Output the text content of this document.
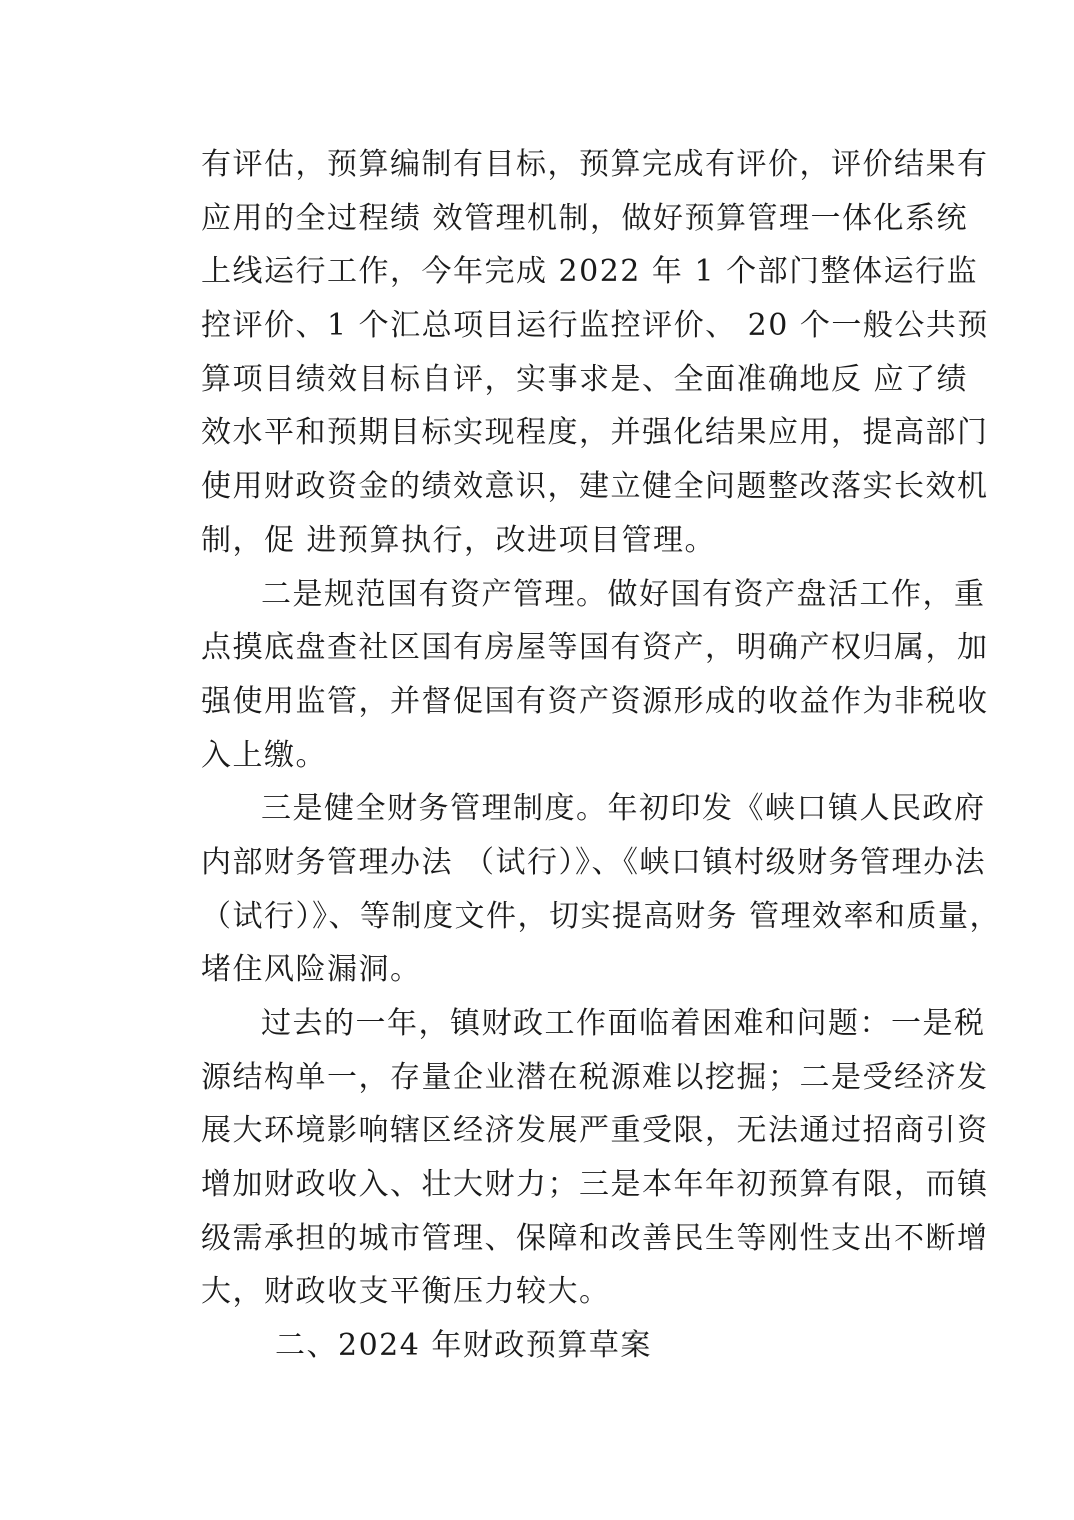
有评估，预算编制有目标，预算完成有评价，评价结果有
应用的全过程绩 效管理机制，做好预算管理一体化系统
上线运行工作，今年完成 2022 年 1 个部门整体运行监
控评价、1 个汇总项目运行监控评价、 20 个一般公共预
算项目绩效目标自评，实事求是、全面准确地反 应了绩
效水平和预期目标实现程度，并强化结果应用，提高部门
使用财政资金的绩效意识，建立健全问题整改落实长效机
制，促 进预算执行，改进项目管理。
二是规范国有资产管理。做好国有资产盘活工作，重
点摸底盘查社区国有房屋等国有资产，明确产权归属，加
强使用监管，并督促国有资产资源形成的收益作为非税收
入上缴。
三是健全财务管理制度。年初印发《峡口镇人民政府
内部财务管理办法 （试行）》、《峡口镇村级财务管理办法
（试行）》、等制度文件，切实提高财务 管理效率和质量，
堵住风险漏洞。
过去的一年，镇财政工作面临着困难和问题：一是税
源结构单一，存量企业潜在税源难以挖掘；二是受经济发
展大环境影响辖区经济发展严重受限，无法通过招商引资
增加财政收入、壮大财力；三是本年年初预算有限，而镇
级需承担的城市管理、保障和改善民生等刚性支出不断增
大，财政收支平衡压力较大。
二、2024 年财政预算草案
